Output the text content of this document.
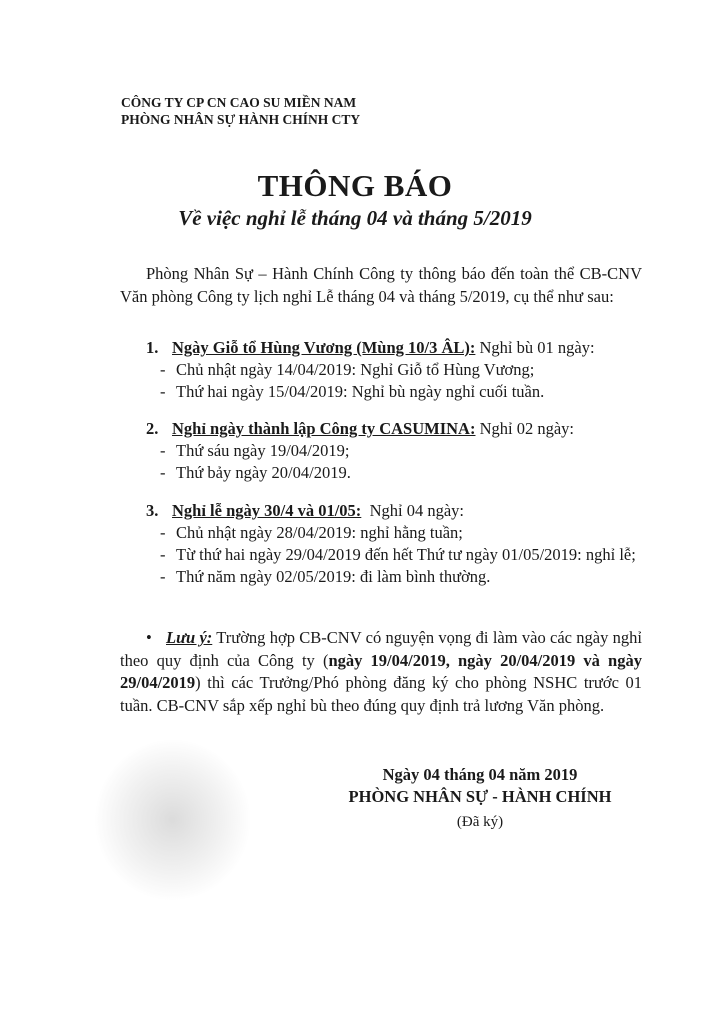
CÔNG TY CP CN CAO SU MIỀN NAM
PHÒNG NHÂN SỰ HÀNH CHÍNH CTY
THÔNG BÁO
Về việc nghỉ lễ tháng 04 và tháng 5/2019
Phòng Nhân Sự – Hành Chính Công ty thông báo đến toàn thể CB-CNV Văn phòng Công ty lịch nghỉ Lễ tháng 04 và tháng 5/2019, cụ thể như sau:
1. Ngày Giỗ tổ Hùng Vương (Mùng 10/3 ÂL): Nghỉ bù 01 ngày:
- Chủ nhật ngày 14/04/2019: Nghỉ Giỗ tổ Hùng Vương;
- Thứ hai ngày 15/04/2019: Nghỉ bù ngày nghỉ cuối tuần.
2. Nghỉ ngày thành lập Công ty CASUMINA: Nghỉ 02 ngày:
- Thứ sáu ngày 19/04/2019;
- Thứ bảy ngày 20/04/2019.
3. Nghỉ lễ ngày 30/4 và 01/05:  Nghỉ 04 ngày:
- Chủ nhật ngày 28/04/2019: nghỉ hằng tuần;
- Từ thứ hai ngày 29/04/2019 đến hết Thứ tư ngày 01/05/2019: nghỉ lễ;
- Thứ năm ngày 02/05/2019: đi làm bình thường.
• Lưu ý: Trường hợp CB-CNV có nguyện vọng đi làm vào các ngày nghỉ theo quy định của Công ty (ngày 19/04/2019, ngày 20/04/2019 và ngày 29/04/2019) thì các Trưởng/Phó phòng đăng ký cho phòng NSHC trước 01 tuần. CB-CNV sắp xếp nghỉ bù theo đúng quy định trả lương Văn phòng.
Ngày 04 tháng 04 năm 2019
PHÒNG NHÂN SỰ - HÀNH CHÍNH
(Đã ký)
